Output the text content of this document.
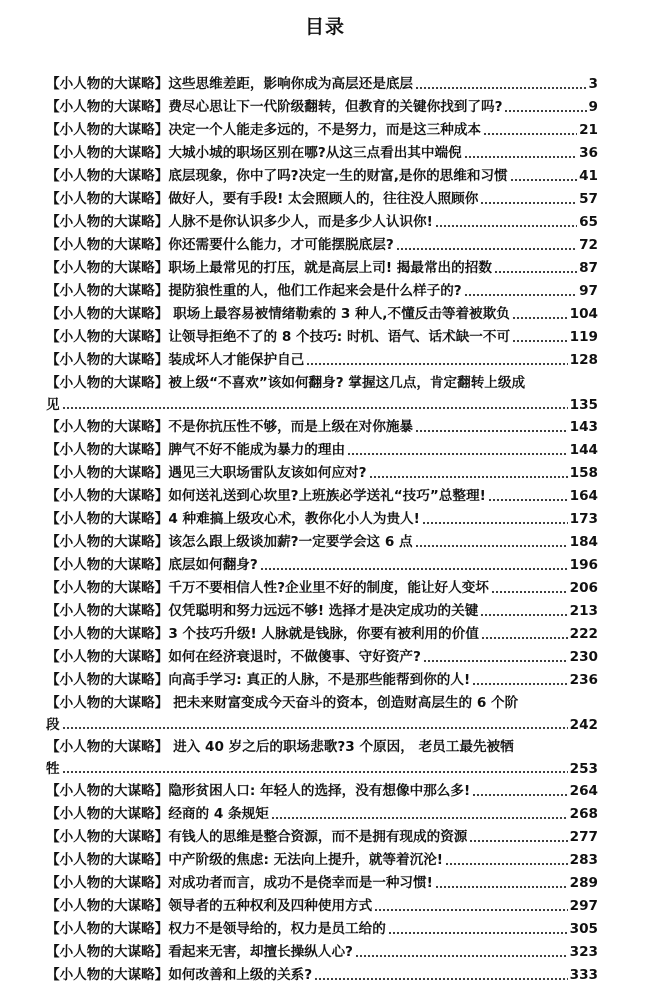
目录
【小人物的大谋略】这些思维差距，影响你成为高层还是底层	3
【小人物的大谋略】费尽心思让下一代阶级翻转，但教育的关键你找到了吗?	9
【小人物的大谋略】决定一个人能走多远的，不是努力，而是这三种成本	21
【小人物的大谋略】大城小城的职场区别在哪?从这三点看出其中端倪	36
【小人物的大谋略】底层现象，你中了吗?决定一生的财富,是你的思维和习惯	41
【小人物的大谋略】做好人，要有手段! 太会照顾人的，往往没人照顾你	57
【小人物的大谋略】人脉不是你认识多少人，而是多少人认识你!	65
【小人物的大谋略】你还需要什么能力，才可能摆脱底层?	72
【小人物的大谋略】职场上最常见的打压，就是高层上司! 揭最常出的招数	87
【小人物的大谋略】提防狼性重的人，他们工作起来会是什么样子的?	97
【小人物的大谋略】 职场上最容易被情绪勒索的 3 种人,不懂反击等着被欺负	104
【小人物的大谋略】让领导拒绝不了的 8 个技巧: 时机、语气、话术缺一不可	119
【小人物的大谋略】装成坏人才能保护自己	128
【小人物的大谋略】被上级“不喜欢”该如何翻身? 掌握这几点，肯定翻转上级成
见	135
【小人物的大谋略】不是你抗压性不够，而是上级在对你施暴	143
【小人物的大谋略】脾气不好不能成为暴力的理由	144
【小人物的大谋略】遇见三大职场雷队友该如何应对?	158
【小人物的大谋略】如何送礼送到心坎里?上班族必学送礼“技巧”总整理!	164
【小人物的大谋略】4 种难搞上级攻心术，教你化小人为贵人!	173
【小人物的大谋略】该怎么跟上级谈加薪?一定要学会这 6 点	184
【小人物的大谋略】底层如何翻身?	196
【小人物的大谋略】千万不要相信人性?企业里不好的制度，能让好人变坏	206
【小人物的大谋略】仅凭聪明和努力远远不够! 选择才是决定成功的关键	213
【小人物的大谋略】3 个技巧升级! 人脉就是钱脉，你要有被利用的价值	222
【小人物的大谋略】如何在经济衰退时，不做傻事、守好资产?	230
【小人物的大谋略】向高手学习: 真正的人脉，不是那些能帮到你的人!	236
【小人物的大谋略】 把未来财富变成今天奋斗的资本，创造财高层生的 6 个阶
段	242
【小人物的大谋略】 进入 40 岁之后的职场悲歌?3 个原因， 老员工最先被牺
牲	253
【小人物的大谋略】隐形贫困人口: 年轻人的选择，没有想像中那么多!	264
【小人物的大谋略】经商的 4 条规矩	268
【小人物的大谋略】有钱人的思维是整合资源，而不是拥有现成的资源	277
【小人物的大谋略】中产阶级的焦虑: 无法向上提升，就等着沉沦!	283
【小人物的大谋略】对成功者而言，成功不是侥幸而是一种习惯!	289
【小人物的大谋略】领导者的五种权利及四种使用方式	297
【小人物的大谋略】权力不是领导给的，权力是员工给的	305
【小人物的大谋略】看起来无害，却擅长操纵人心?	323
【小人物的大谋略】如何改善和上级的关系?	333
